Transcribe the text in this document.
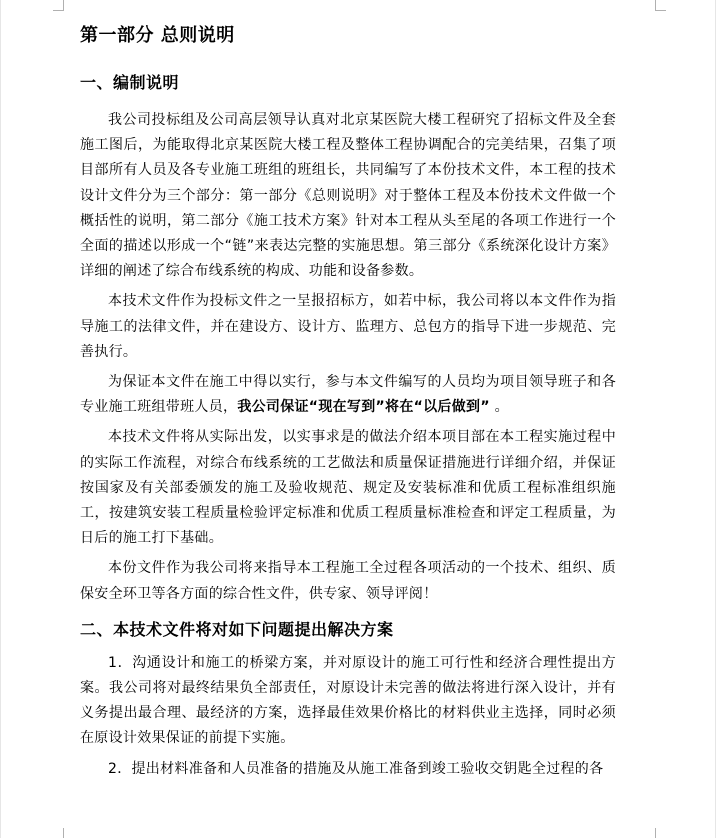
第一部分 总则说明
一、编制说明

我公司投标组及公司高层领导认真对北京某医院大楼工程研究了招标文件及全套施工图后，为能取得北京某医院大楼工程及整体工程协调配合的完美结果，召集了项目部所有人员及各专业施工班组的班组长，共同编写了本份技术文件，本工程的技术设计文件分为三个部分：第一部分《总则说明》对于整体工程及本份技术文件做一个概括性的说明，第二部分《施工技术方案》针对本工程从头至尾的各项工作进行一个全面的描述以形成一个“链”来表达完整的实施思想。第三部分《系统深化设计方案》详细的阐述了综合布线系统的构成、功能和设备参数。

本技术文件作为投标文件之一呈报招标方，如若中标，我公司将以本文件作为指导施工的法律文件，并在建设方、设计方、监理方、总包方的指导下进一步规范、完善执行。

为保证本文件在施工中得以实行，参与本文件编写的人员均为项目领导班子和各专业施工班组带班人员，我公司保证“现在写到”将在“以后做到” 。

本技术文件将从实际出发，以实事求是的做法介绍本项目部在本工程实施过程中的实际工作流程，对综合布线系统的工艺做法和质量保证措施进行详细介绍，并保证按国家及有关部委颁发的施工及验收规范、规定及安装标准和优质工程标准组织施工，按建筑安装工程质量检验评定标准和优质工程质量标准检查和评定工程质量，为日后的施工打下基础。

本份文件作为我公司将来指导本工程施工全过程各项活动的一个技术、组织、质保安全环卫等各方面的综合性文件，供专家、领导评阅！

二、本技术文件将对如下问题提出解决方案

1．沟通设计和施工的桥梁方案，并对原设计的施工可行性和经济合理性提出方案。我公司将对最终结果负全部责任，对原设计未完善的做法将进行深入设计，并有义务提出最合理、最经济的方案，选择最佳效果价格比的材料供业主选择，同时必须在原设计效果保证的前提下实施。

2．提出材料准备和人员准备的措施及从施工准备到竣工验收交钥匙全过程的各
